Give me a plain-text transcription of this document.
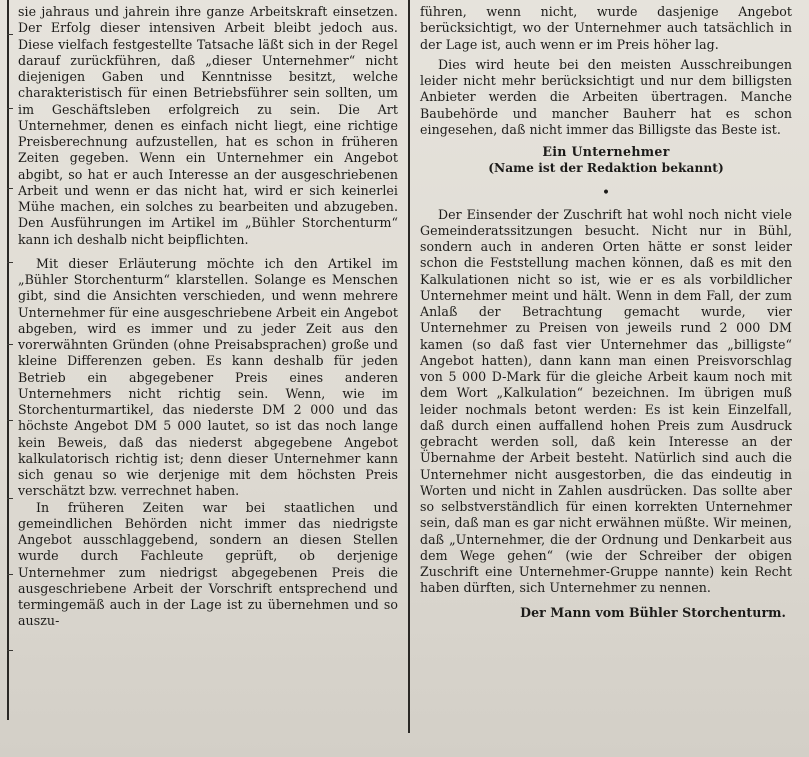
sie jahraus und jahrein ihre ganze Arbeitskraft einsetzen. Der Erfolg dieser intensiven Arbeit bleibt jedoch aus. Diese vielfach festgestellte Tatsache läßt sich in der Regel darauf zurückführen, daß „dieser Unternehmer“ nicht diejenigen Gaben und Kenntnisse besitzt, welche charakteristisch für einen Betriebsführer sein sollten, um im Geschäftsleben erfolgreich zu sein. Die Art Unternehmer, denen es einfach nicht liegt, eine richtige Preisberechnung aufzustellen, hat es schon in früheren Zeiten gegeben. Wenn ein Unternehmer ein Angebot abgibt, so hat er auch Interesse an der ausgeschriebenen Arbeit und wenn er das nicht hat, wird er sich keinerlei Mühe machen, ein solches zu bearbeiten und abzugeben. Den Ausführungen im Artikel im „Bühler Storchenturm“ kann ich deshalb nicht beipflichten.

Mit dieser Erläuterung möchte ich den Artikel im „Bühler Storchenturm“ klarstellen. Solange es Menschen gibt, sind die Ansichten verschieden, und wenn mehrere Unternehmer für eine ausgeschriebene Arbeit ein Angebot abgeben, wird es immer und zu jeder Zeit aus den vorerwähnten Gründen (ohne Preisabsprachen) große und kleine Differenzen geben. Es kann deshalb für jeden Betrieb ein abgegebener Preis eines anderen Unternehmers nicht richtig sein. Wenn, wie im Storchenturmartikel, das niederste DM 2 000 und das höchste Angebot DM 5 000 lautet, so ist das noch lange kein Beweis, daß das niederst abgegebene Angebot kalkulatorisch richtig ist; denn dieser Unternehmer kann sich genau so wie derjenige mit dem höchsten Preis verschätzt bzw. verrechnet haben.

In früheren Zeiten war bei staatlichen und gemeindlichen Behörden nicht immer das niedrigste Angebot ausschlaggebend, sondern an diesen Stellen wurde durch Fachleute geprüft, ob derjenige Unternehmer zum niedrigst abgegebenen Preis die ausgeschriebene Arbeit der Vorschrift entsprechend und termingemäß auch in der Lage ist zu übernehmen und so auszu-

führen, wenn nicht, wurde dasjenige Angebot berücksichtigt, wo der Unternehmer auch tatsächlich in der Lage ist, auch wenn er im Preis höher lag.

Dies wird heute bei den meisten Ausschreibungen leider nicht mehr berücksichtigt und nur dem billigsten Anbieter werden die Arbeiten übertragen. Manche Baubehörde und mancher Bauherr hat es schon eingesehen, daß nicht immer das Billigste das Beste ist.

Ein Unternehmer
(Name ist der Redaktion bekannt)
•

Der Einsender der Zuschrift hat wohl noch nicht viele Gemeinderatssitzungen besucht. Nicht nur in Bühl, sondern auch in anderen Orten hätte er sonst leider schon die Feststellung machen können, daß es mit den Kalkulationen nicht so ist, wie er es als vorbildlicher Unternehmer meint und hält. Wenn in dem Fall, der zum Anlaß der Betrachtung gemacht wurde, vier Unternehmer zu Preisen von jeweils rund 2 000 DM kamen (so daß fast vier Unternehmer das „billigste“ Angebot hatten), dann kann man einen Preisvorschlag von 5 000 D-Mark für die gleiche Arbeit kaum noch mit dem Wort „Kalkulation“ bezeichnen. Im übrigen muß leider nochmals betont werden: Es ist kein Einzelfall, daß durch einen auffallend hohen Preis zum Ausdruck gebracht werden soll, daß kein Interesse an der Übernahme der Arbeit besteht. Natürlich sind auch die Unternehmer nicht ausgestorben, die das eindeutig in Worten und nicht in Zahlen ausdrücken. Das sollte aber so selbstverständlich für einen korrekten Unternehmer sein, daß man es gar nicht erwähnen müßte. Wir meinen, daß „Unternehmer, die der Ordnung und Denkarbeit aus dem Wege gehen“ (wie der Schreiber der obigen Zuschrift eine Unternehmer-Gruppe nannte) kein Recht haben dürften, sich Unternehmer zu nennen.

Der Mann vom Bühler Storchenturm.
